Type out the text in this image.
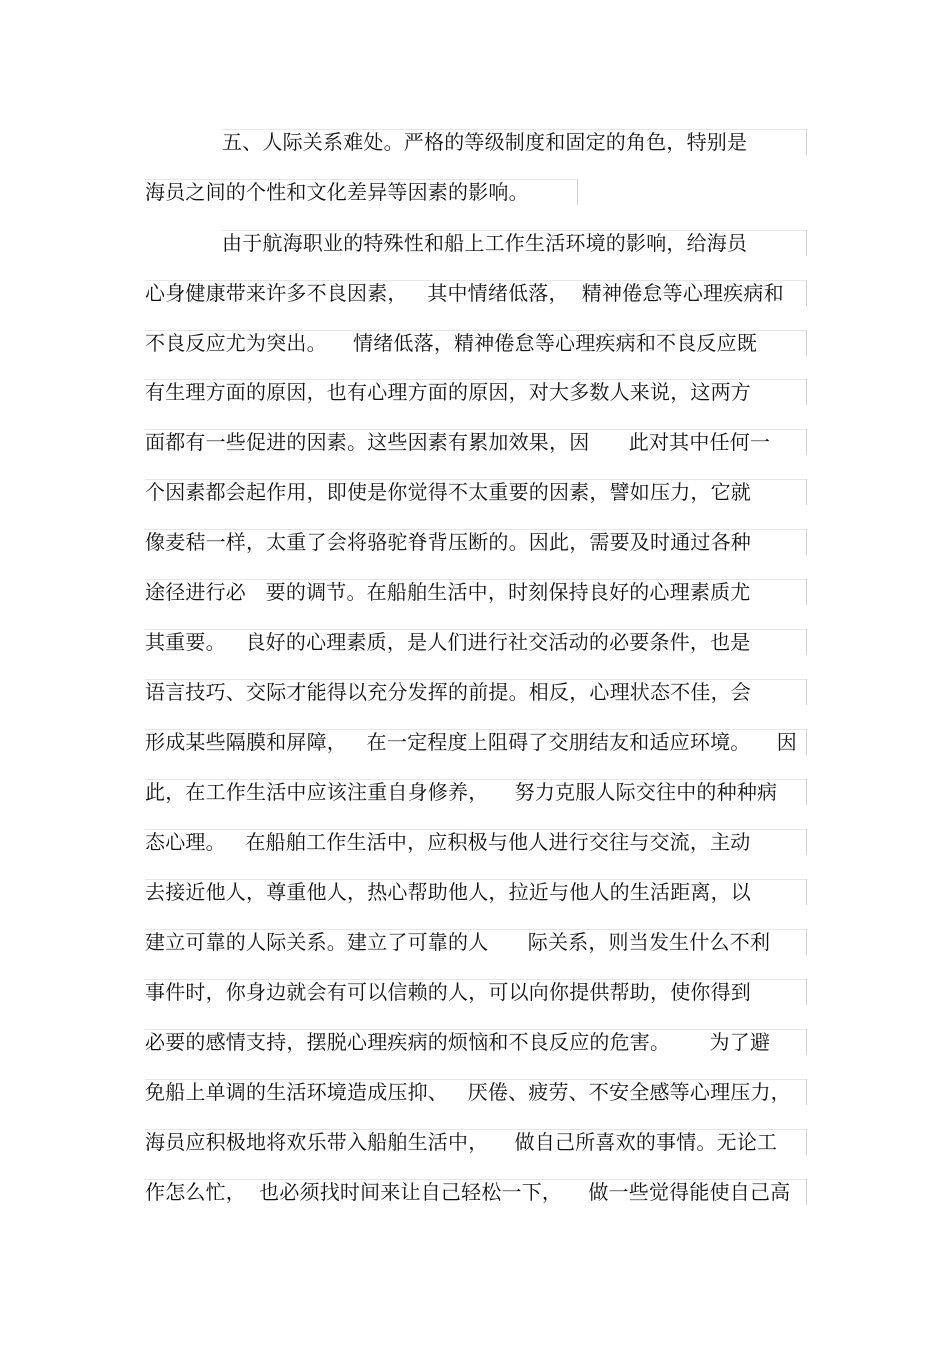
五、人际关系难处。严格的等级制度和固定的角色，特别是
海员之间的个性和文化差异等因素的影响。
由于航海职业的特殊性和船上工作生活环境的影响，给海员
心身健康带来许多不良因素，   其中情绪低落，  精神倦怠等心理疾病和
不良反应尤为突出。    情绪低落，精神倦怠等心理疾病和不良反应既
有生理方面的原因，也有心理方面的原因，对大多数人来说，这两方
面都有一些促进的因素。这些因素有累加效果，因      此对其中任何一
个因素都会起作用，即使是你觉得不太重要的因素，譬如压力，它就
像麦秸一样，太重了会将骆驼脊背压断的。因此，需要及时通过各种
途径进行必   要的调节。在船舶生活中，时刻保持良好的心理素质尤
其重要。   良好的心理素质，是人们进行社交活动的必要条件，也是
语言技巧、交际才能得以充分发挥的前提。相反，心理状态不佳，会
形成某些隔膜和屏障，   在一定程度上阻碍了交朋结友和适应环境。    因
此，在工作生活中应该注重自身修养，    努力克服人际交往中的种种病
态心理。   在船舶工作生活中，应积极与他人进行交往与交流，主动
去接近他人，尊重他人，热心帮助他人，拉近与他人的生活距离，以
建立可靠的人际关系。建立了可靠的人      际关系，则当发生什么不利
事件时，你身边就会有可以信赖的人，可以向你提供帮助，使你得到
必要的感情支持，摆脱心理疾病的烦恼和不良反应的危害。      为了避
免船上单调的生活环境造成压抑、   厌倦、疲劳、不安全感等心理压力，
海员应积极地将欢乐带入船舶生活中，    做自己所喜欢的事情。无论工
作怎么忙，  也必须找时间来让自己轻松一下，    做一些觉得能使自己高
